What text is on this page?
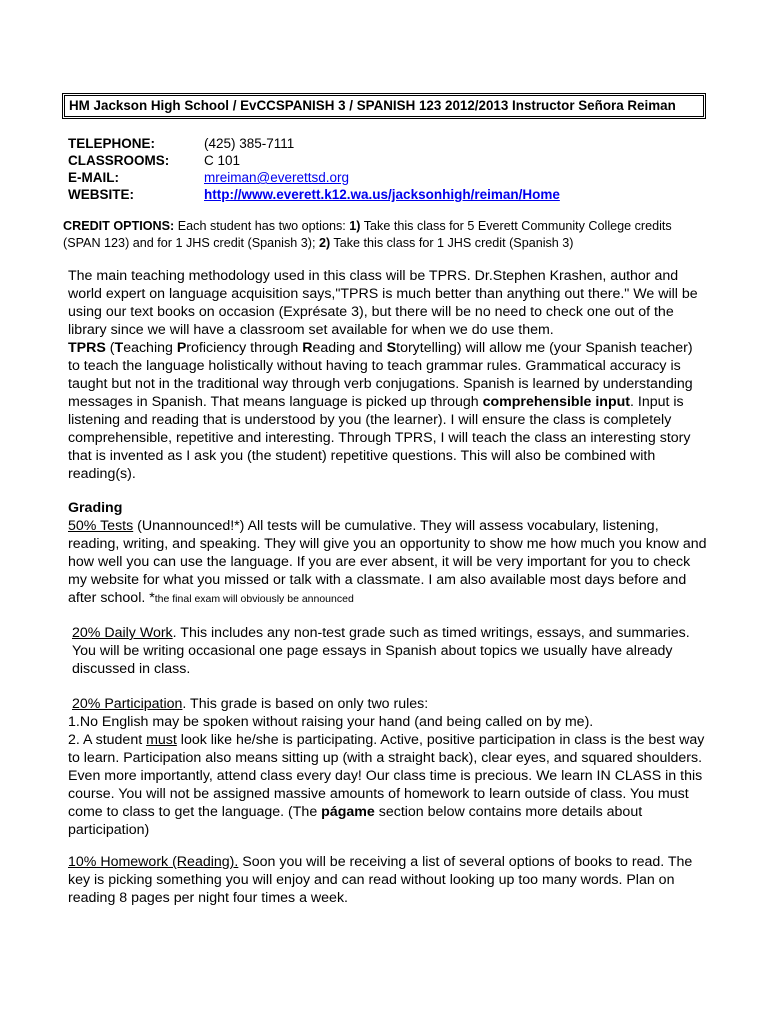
HM Jackson High School / EvCCSPANISH 3 / SPANISH 123 2012/2013 Instructor Señora Reiman
TELEPHONE:	(425) 385-7111
CLASSROOMS:	C 101
E-MAIL:	mreiman@everettsd.org
WEBSITE:	http://www.everett.k12.wa.us/jacksonhigh/reiman/Home
CREDIT OPTIONS: Each student has two options: 1) Take this class for 5 Everett Community College credits (SPAN 123) and for 1 JHS credit (Spanish 3); 2) Take this class for 1 JHS credit (Spanish 3)

The main teaching methodology used in this class will be TPRS. Dr.Stephen Krashen, author and world expert on language acquisition says,"TPRS is much better than anything out there." We will be using our text books on occasion (Exprésate 3), but there will be no need to check one out of the library since we will have a classroom set available for when we do use them.
TPRS (Teaching Proficiency through Reading and Storytelling) will allow me (your Spanish teacher) to teach the language holistically without having to teach grammar rules. Grammatical accuracy is taught but not in the traditional way through verb conjugations. Spanish is learned by understanding messages in Spanish. That means language is picked up through comprehensible input. Input is listening and reading that is understood by you (the learner). I will ensure the class is completely comprehensible, repetitive and interesting. Through TPRS, I will teach the class an interesting story that is invented as I ask you (the student) repetitive questions. This will also be combined with reading(s).

Grading

50% Tests (Unannounced!*) All tests will be cumulative. They will assess vocabulary, listening, reading, writing, and speaking. They will give you an opportunity to show me how much you know and how well you can use the language. If you are ever absent, it will be very important for you to check my website for what you missed or talk with a classmate. I am also available most days before and after school. *the final exam will obviously be announced

20% Daily Work. This includes any non-test grade such as timed writings, essays, and summaries. You will be writing occasional one page essays in Spanish about topics we usually have already discussed in class.

20% Participation. This grade is based on only two rules:
1.No English may be spoken without raising your hand (and being called on by me).
2. A student must look like he/she is participating. Active, positive participation in class is the best way to learn. Participation also means sitting up (with a straight back), clear eyes, and squared shoulders. Even more importantly, attend class every day! Our class time is precious. We learn IN CLASS in this course. You will not be assigned massive amounts of homework to learn outside of class. You must come to class to get the language. (The págame section below contains more details about participation)

10% Homework (Reading). Soon you will be receiving a list of several options of books to read. The key is picking something you will enjoy and can read without looking up too many words. Plan on reading 8 pages per night four times a week.
